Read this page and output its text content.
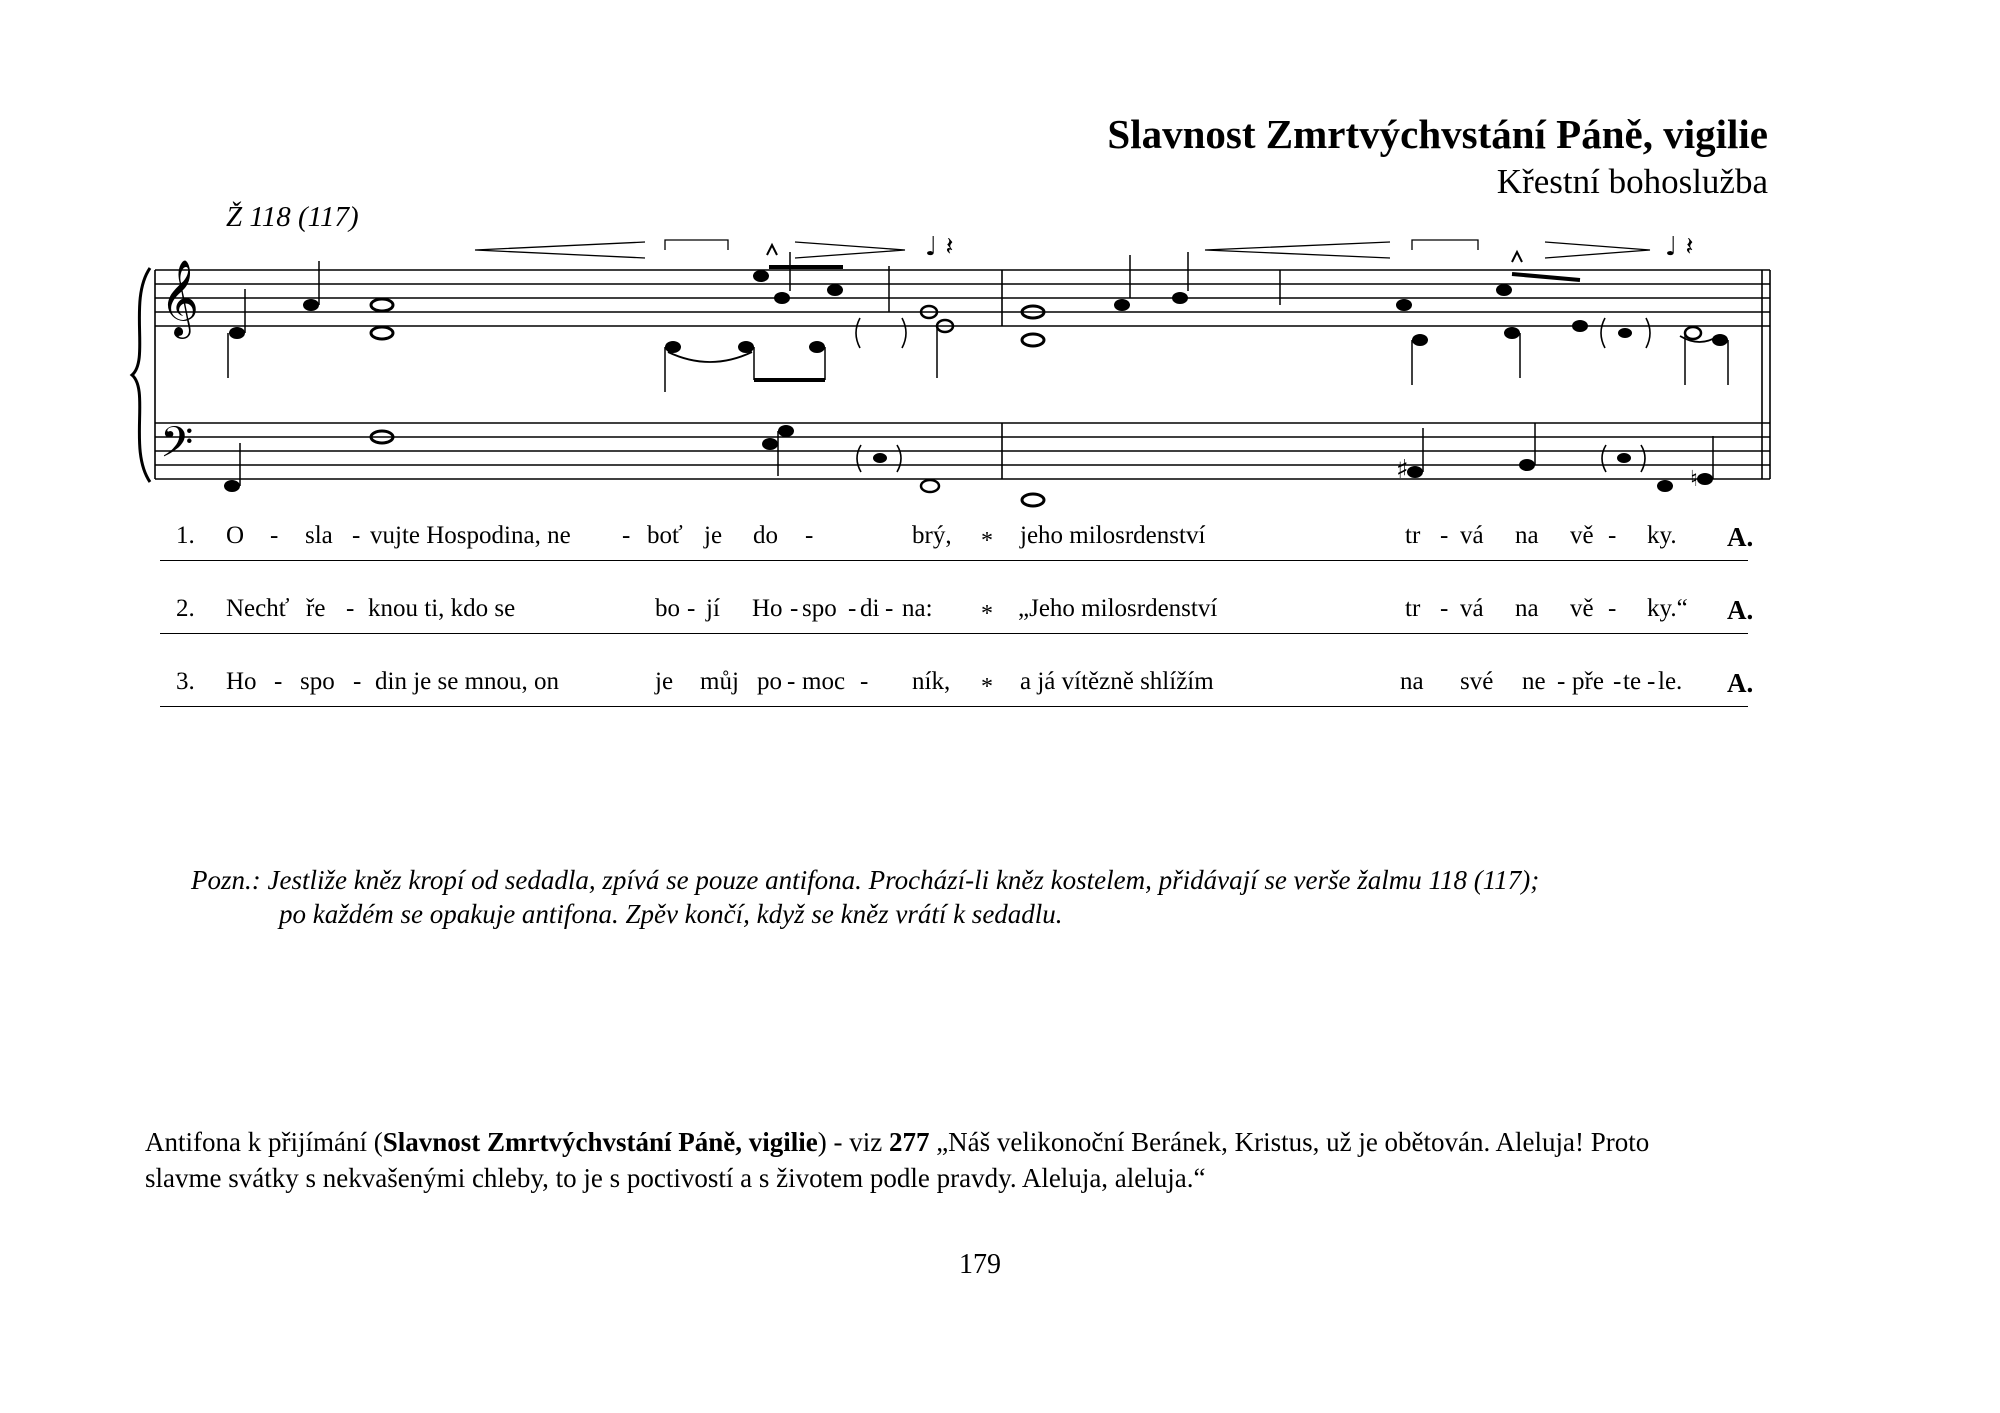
Slavnost Zmrtvýchvstání Páně, vigilie
Křestní bohoslužba
Ž 118 (117)
𝄞
𝄢
♩ 𝄽	♩ 𝄽
♯	♮
1. O - sla - vujte Hospodina, ne - boť je do -	brý, * jeho milosrdenství	tr - vá na vě - ky. A.
2. Nechť ře - knou ti, kdo se	bo - jí Ho - spo - di - na: * „Jeho milosrdenství	tr - vá na vě - ky.“ A.
3. Ho - spo - din je se mnou, on	je můj po - moc - ník, * a já vítězně shlížím	na své ne - pře - te - le. A.
Pozn.: Jestliže kněz kropí od sedadla, zpívá se pouze antifona. Prochází-li kněz kostelem, přidávají se verše žalmu 118 (117);
po každém se opakuje antifona. Zpěv končí, když se kněz vrátí k sedadlu.
Antifona k přijímání (Slavnost Zmrtvýchvstání Páně, vigilie) - viz 277 „Náš velikonoční Beránek, Kristus, už je obětován. Aleluja! Proto slavme svátky s nekvašenými chleby, to je s poctivostí a s životem podle pravdy. Aleluja, aleluja.“
179
